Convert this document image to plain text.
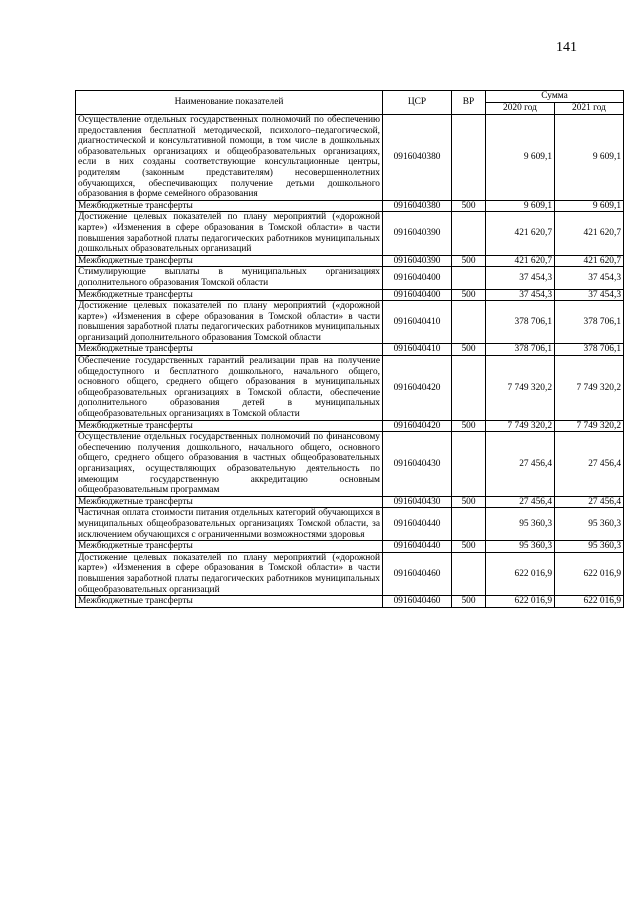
141
Наименование показателей	ЦСР	ВР	Сумма	
			2020 год	2021 год
Осуществление отдельных государственных полномочий по обеспечению предоставления бесплатной методической, психолого–педагогической, диагностической и консультативной помощи, в том числе в дошкольных образовательных организациях и общеобразовательных организациях, если в них созданы соответствующие консультационные центры, родителям (законным представителям) несовершеннолетних обучающихся, обеспечивающих получение детьми дошкольного образования в форме семейного образования	0916040380		9 609,1	9 609,1
Межбюджетные трансферты	0916040380	500	9 609,1	9 609,1
Достижение целевых показателей по плану мероприятий («дорожной карте») «Изменения в сфере образования в Томской области» в части повышения заработной платы педагогических работников муниципальных дошкольных образовательных организаций	0916040390		421 620,7	421 620,7
Межбюджетные трансферты	0916040390	500	421 620,7	421 620,7
Стимулирующие выплаты в муниципальных организациях дополнительного образования Томской области	0916040400		37 454,3	37 454,3
Межбюджетные трансферты	0916040400	500	37 454,3	37 454,3
Достижение целевых показателей по плану мероприятий («дорожной карте») «Изменения в сфере образования в Томской области» в части повышения заработной платы педагогических работников муниципальных организаций дополнительного образования Томской области	0916040410		378 706,1	378 706,1
Межбюджетные трансферты	0916040410	500	378 706,1	378 706,1
Обеспечение государственных гарантий реализации прав на получение общедоступного и бесплатного дошкольного, начального общего, основного общего, среднего общего образования в муниципальных общеобразовательных организациях в Томской области, обеспечение дополнительного образования детей в муниципальных общеобразовательных организациях в Томской области	0916040420		7 749 320,2	7 749 320,2
Межбюджетные трансферты	0916040420	500	7 749 320,2	7 749 320,2
Осуществление отдельных государственных полномочий по финансовому обеспечению получения дошкольного, начального общего, основного общего, среднего общего образования в частных общеобразовательных организациях, осуществляющих образовательную деятельность по имеющим государственную аккредитацию основным общеобразовательным программам	0916040430		27 456,4	27 456,4
Межбюджетные трансферты	0916040430	500	27 456,4	27 456,4
Частичная оплата стоимости питания отдельных категорий обучающихся в муниципальных общеобразовательных организациях Томской области, за исключением обучающихся с ограниченными возможностями здоровья	0916040440		95 360,3	95 360,3
Межбюджетные трансферты	0916040440	500	95 360,3	95 360,3
Достижение целевых показателей по плану мероприятий («дорожной карте») «Изменения в сфере образования в Томской области» в части повышения заработной платы педагогических работников муниципальных общеобразовательных организаций	0916040460		622 016,9	622 016,9
Межбюджетные трансферты	0916040460	500	622 016,9	622 016,9
